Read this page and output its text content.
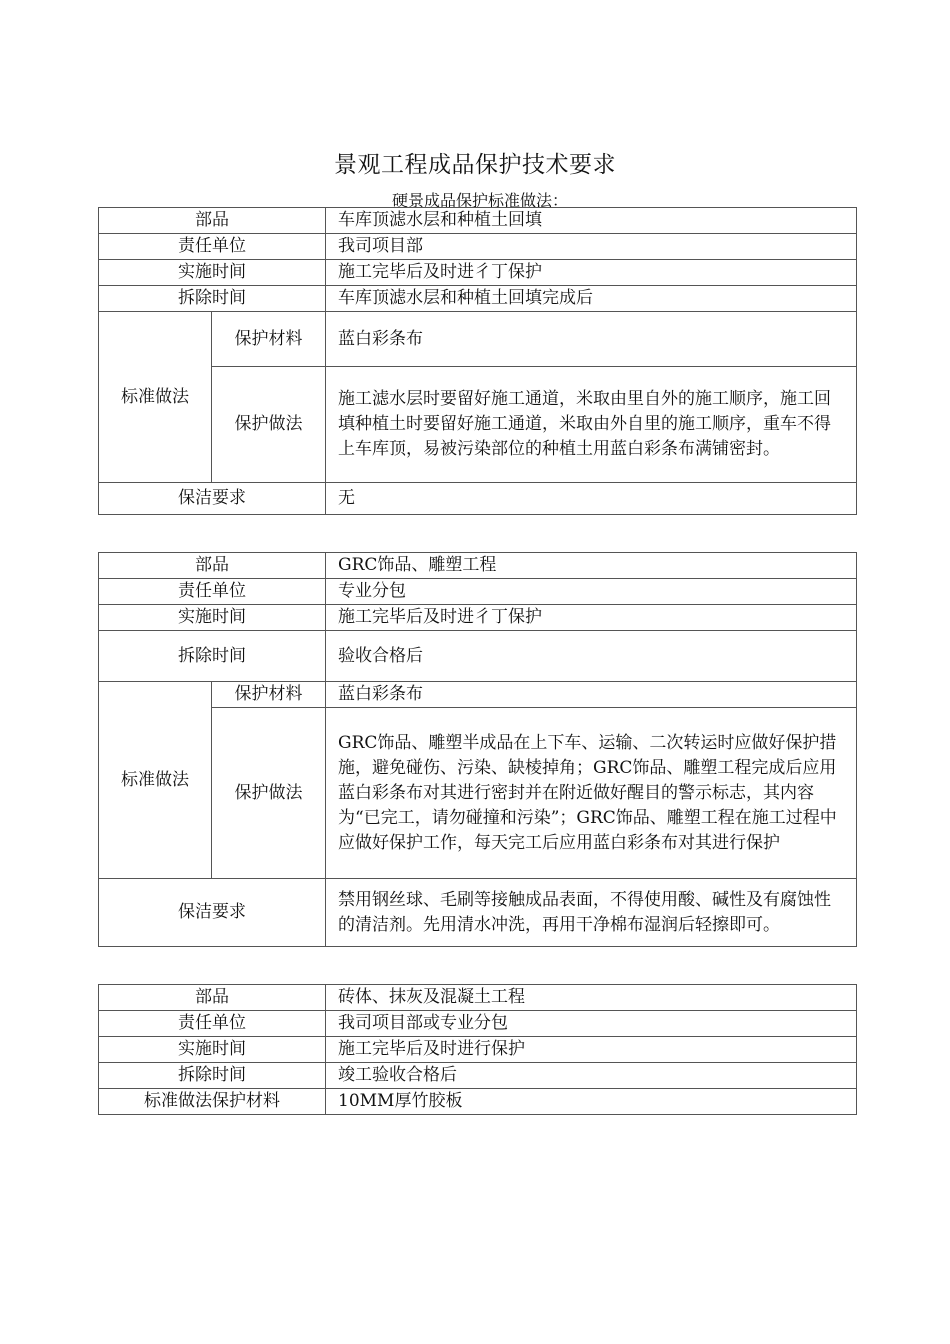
景观工程成品保护技术要求
硬景成品保护标准做法：
部品		车库顶滤水层和种植土回填
责任单位		我司项目部
实施时间		施工完毕后及时进彳丁保护
拆除时间		车库顶滤水层和种植土回填完成后
标准做法	保护材料	蓝白彩条布
	保护做法	施工滤水层时要留好施工通道，米取由里自外的施工顺序，施工回填种植土时要留好施工通道，米取由外自里的施工顺序，重车不得上车库顶，易被污染部位的种植土用蓝白彩条布满铺密封。
保洁要求		无
部品		GRC饰品、雕塑工程
责任单位		专业分包
实施时间		施工完毕后及时进彳丁保护
拆除时间		验收合格后
标准做法	保护材料	蓝白彩条布
	保护做法	GRC饰品、雕塑半成品在上下车、运输、二次转运时应做好保护措施，避免碰伤、污染、缺棱掉角；GRC饰品、雕塑工程完成后应用蓝白彩条布对其进行密封并在附近做好醒目的警示标志，其内容为“已完工，请勿碰撞和污染”；GRC饰品、雕塑工程在施工过程中应做好保护工作，每天完工后应用蓝白彩条布对其进行保护
保洁要求		禁用钢丝球、毛刷等接触成品表面，不得使用酸、碱性及有腐蚀性的清洁剂。先用清水冲洗，再用干净棉布湿润后轻擦即可。
部品	砖体、抹灰及混凝土工程
责任单位	我司项目部或专业分包
实施时间	施工完毕后及时进行保护
拆除时间	竣工验收合格后
标准做法保护材料	10MM厚竹胶板
